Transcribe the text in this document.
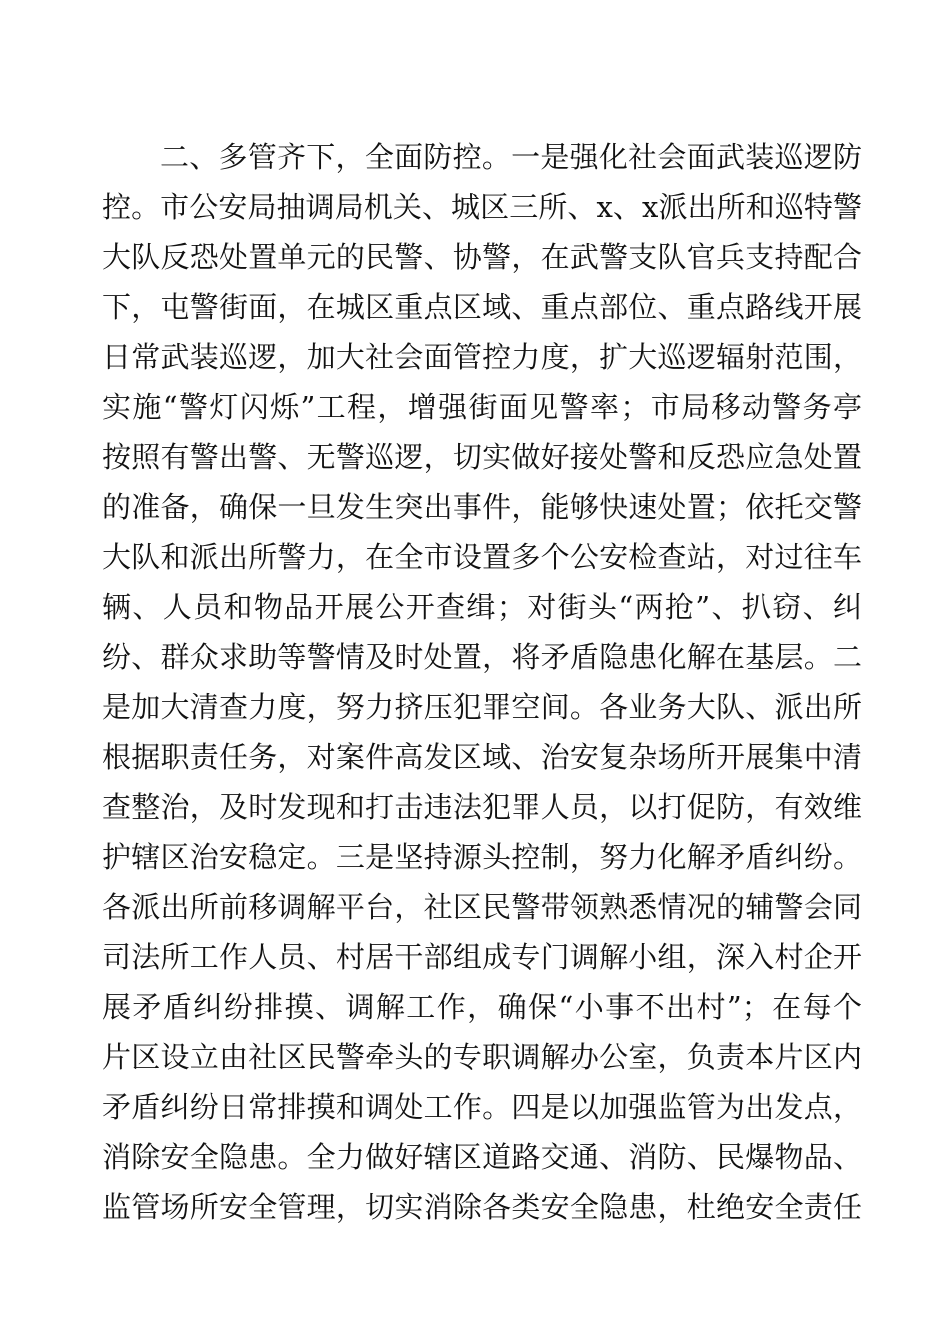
二、多管齐下，全面防控。一是强化社会面武装巡逻防
控。市公安局抽调局机关、城区三所、x、x派出所和巡特警
大队反恐处置单元的民警、协警，在武警支队官兵支持配合
下，屯警街面，在城区重点区域、重点部位、重点路线开展
日常武装巡逻，加大社会面管控力度，扩大巡逻辐射范围，
实施“警灯闪烁”工程，增强街面见警率；市局移动警务亭
按照有警出警、无警巡逻，切实做好接处警和反恐应急处置
的准备，确保一旦发生突出事件，能够快速处置；依托交警
大队和派出所警力，在全市设置多个公安检查站，对过往车
辆、人员和物品开展公开查缉；对街头“两抢”、扒窃、纠
纷、群众求助等警情及时处置，将矛盾隐患化解在基层。二
是加大清查力度，努力挤压犯罪空间。各业务大队、派出所
根据职责任务，对案件高发区域、治安复杂场所开展集中清
查整治，及时发现和打击违法犯罪人员，以打促防，有效维
护辖区治安稳定。三是坚持源头控制，努力化解矛盾纠纷。
各派出所前移调解平台，社区民警带领熟悉情况的辅警会同
司法所工作人员、村居干部组成专门调解小组，深入村企开
展矛盾纠纷排摸、调解工作，确保“小事不出村”；在每个
片区设立由社区民警牵头的专职调解办公室，负责本片区内
矛盾纠纷日常排摸和调处工作。四是以加强监管为出发点，
消除安全隐患。全力做好辖区道路交通、消防、民爆物品、
监管场所安全管理，切实消除各类安全隐患，杜绝安全责任
